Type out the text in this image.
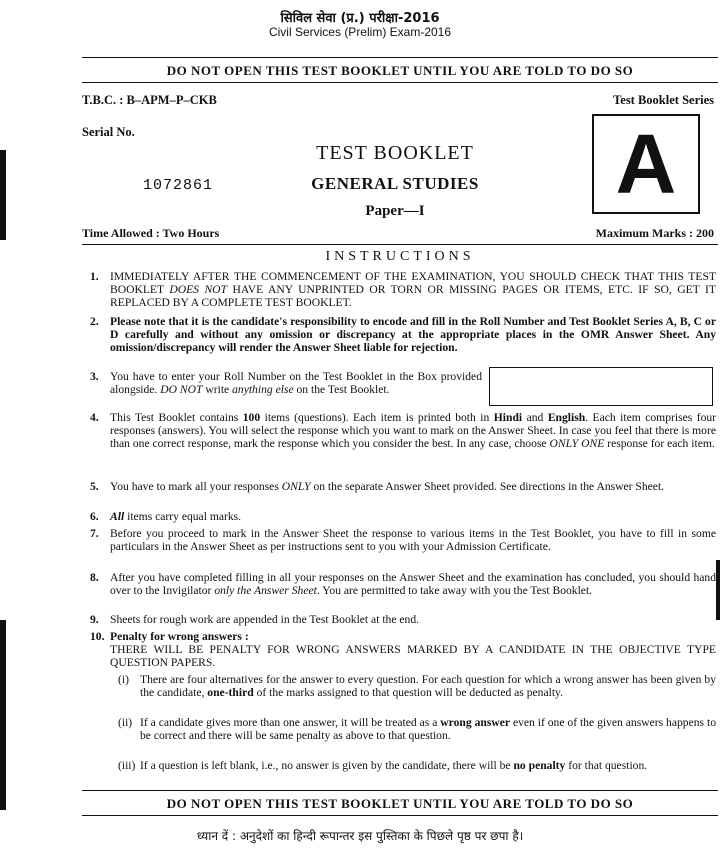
सिविल सेवा (प्र.) परीक्षा-2016
Civil Services (Prelim) Exam-2016
DO NOT OPEN THIS TEST BOOKLET UNTIL YOU ARE TOLD TO DO SO
T.B.C. : B–APM–P–CKB	Test Booklet Series
Serial No.
1072861
TEST BOOKLET
GENERAL STUDIES
Paper—I	A
Time Allowed : Two Hours	Maximum Marks : 200
INSTRUCTIONS
1. IMMEDIATELY AFTER THE COMMENCEMENT OF THE EXAMINATION, YOU SHOULD CHECK THAT THIS TEST BOOKLET DOES NOT HAVE ANY UNPRINTED OR TORN OR MISSING PAGES OR ITEMS, ETC. IF SO, GET IT REPLACED BY A COMPLETE TEST BOOKLET.
2. Please note that it is the candidate's responsibility to encode and fill in the Roll Number and Test Booklet Series A, B, C or D carefully and without any omission or discrepancy at the appropriate places in the OMR Answer Sheet. Any omission/discrepancy will render the Answer Sheet liable for rejection.
3. You have to enter your Roll Number on the Test Booklet in the Box provided alongside. DO NOT write anything else on the Test Booklet.
4. This Test Booklet contains 100 items (questions). Each item is printed both in Hindi and English. Each item comprises four responses (answers). You will select the response which you want to mark on the Answer Sheet. In case you feel that there is more than one correct response, mark the response which you consider the best. In any case, choose ONLY ONE response for each item.
5. You have to mark all your responses ONLY on the separate Answer Sheet provided. See directions in the Answer Sheet.
6. All items carry equal marks.
7. Before you proceed to mark in the Answer Sheet the response to various items in the Test Booklet, you have to fill in some particulars in the Answer Sheet as per instructions sent to you with your Admission Certificate.
8. After you have completed filling in all your responses on the Answer Sheet and the examination has concluded, you should hand over to the Invigilator only the Answer Sheet. You are permitted to take away with you the Test Booklet.
9. Sheets for rough work are appended in the Test Booklet at the end.
10. Penalty for wrong answers :
THERE WILL BE PENALTY FOR WRONG ANSWERS MARKED BY A CANDIDATE IN THE OBJECTIVE TYPE QUESTION PAPERS.
(i) There are four alternatives for the answer to every question. For each question for which a wrong answer has been given by the candidate, one-third of the marks assigned to that question will be deducted as penalty.
(ii) If a candidate gives more than one answer, it will be treated as a wrong answer even if one of the given answers happens to be correct and there will be same penalty as above to that question.
(iii) If a question is left blank, i.e., no answer is given by the candidate, there will be no penalty for that question.
DO NOT OPEN THIS TEST BOOKLET UNTIL YOU ARE TOLD TO DO SO
ध्यान दें : अनुदेशों का हिन्दी रूपान्तर इस पुस्तिका के पिछले पृष्ठ पर छपा है।
